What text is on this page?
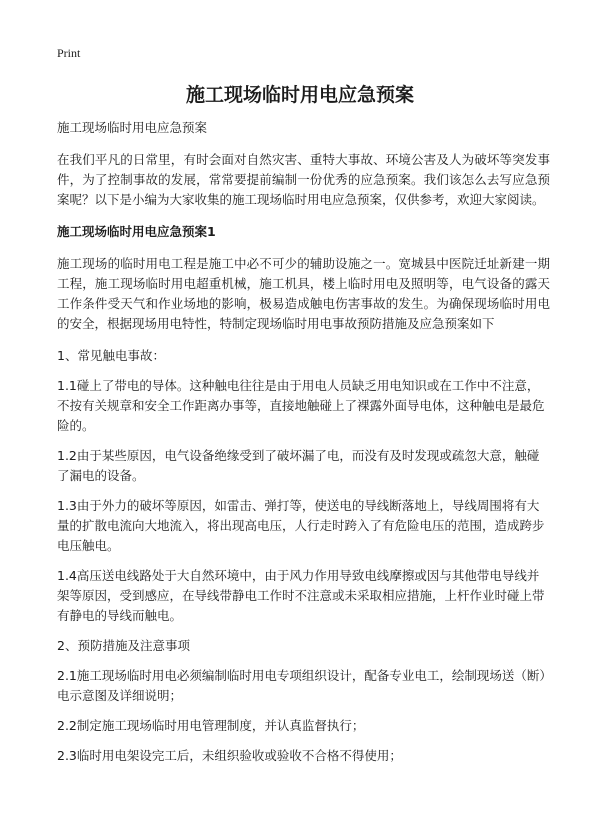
Print
施工现场临时用电应急预案

施工现场临时用电应急预案

在我们平凡的日常里，有时会面对自然灾害、重特大事故、环境公害及人为破坏等突发事件，为了控制事故的发展，常常要提前编制一份优秀的应急预案。我们该怎么去写应急预案呢？以下是小编为大家收集的施工现场临时用电应急预案，仅供参考，欢迎大家阅读。

施工现场临时用电应急预案1

施工现场的临时用电工程是施工中必不可少的辅助设施之一。宽城县中医院迁址新建一期工程，施工现场临时用电超重机械，施工机具，楼上临时用电及照明等，电气设备的露天工作条件受天气和作业场地的影响，极易造成触电伤害事故的发生。为确保现场临时用电的安全，根据现场用电特性，特制定现场临时用电事故预防措施及应急预案如下

1、常见触电事故：

1.1碰上了带电的导体。这种触电往往是由于用电人员缺乏用电知识或在工作中不注意，不按有关规章和安全工作距离办事等，直接地触碰上了裸露外面导电体，这种触电是最危险的。

1.2由于某些原因，电气设备绝缘受到了破坏漏了电，而没有及时发现或疏忽大意，触碰了漏电的设备。

1.3由于外力的破坏等原因，如雷击、弹打等，使送电的导线断落地上，导线周围将有大量的扩散电流向大地流入，将出现高电压，人行走时跨入了有危险电压的范围，造成跨步电压触电。

1.4高压送电线路处于大自然环境中，由于风力作用导致电线摩擦或因与其他带电导线并架等原因，受到感应，在导线带静电工作时不注意或未采取相应措施，上杆作业时碰上带有静电的导线而触电。

2、预防措施及注意事项

2.1施工现场临时用电必须编制临时用电专项组织设计，配备专业电工，绘制现场送（断）电示意图及详细说明；

2.2制定施工现场临时用电管理制度，并认真监督执行；

2.3临时用电架设完工后，未组织验收或验收不合格不得使用；
